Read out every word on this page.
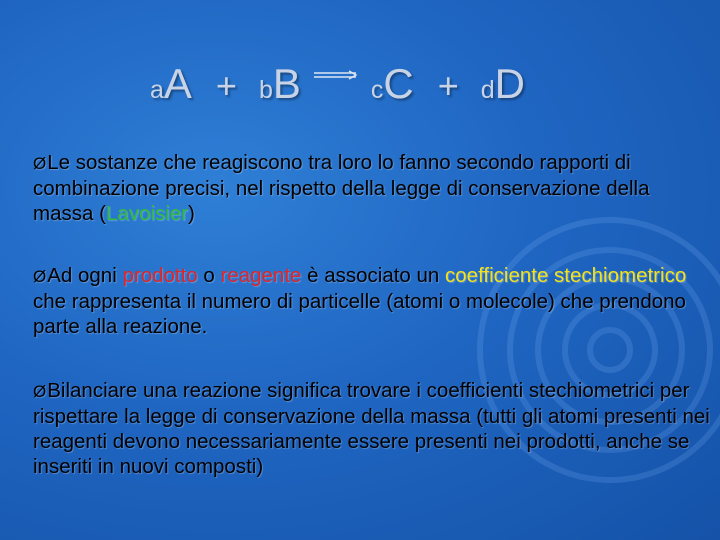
a A + b B	c C + d D
ØLe sostanze che reagiscono tra loro lo fanno secondo rapporti di combinazione precisi, nel rispetto della legge di conservazione della massa (Lavoisier)
ØAd ogni prodotto o reagente è associato un coefficiente stechiometrico che rappresenta il numero di particelle (atomi o molecole) che prendono parte alla reazione.
ØBilanciare una reazione significa trovare i coefficienti stechiometrici per rispettare la legge di conservazione della massa (tutti gli atomi presenti nei reagenti devono necessariamente essere presenti nei prodotti, anche se inseriti in nuovi composti)
